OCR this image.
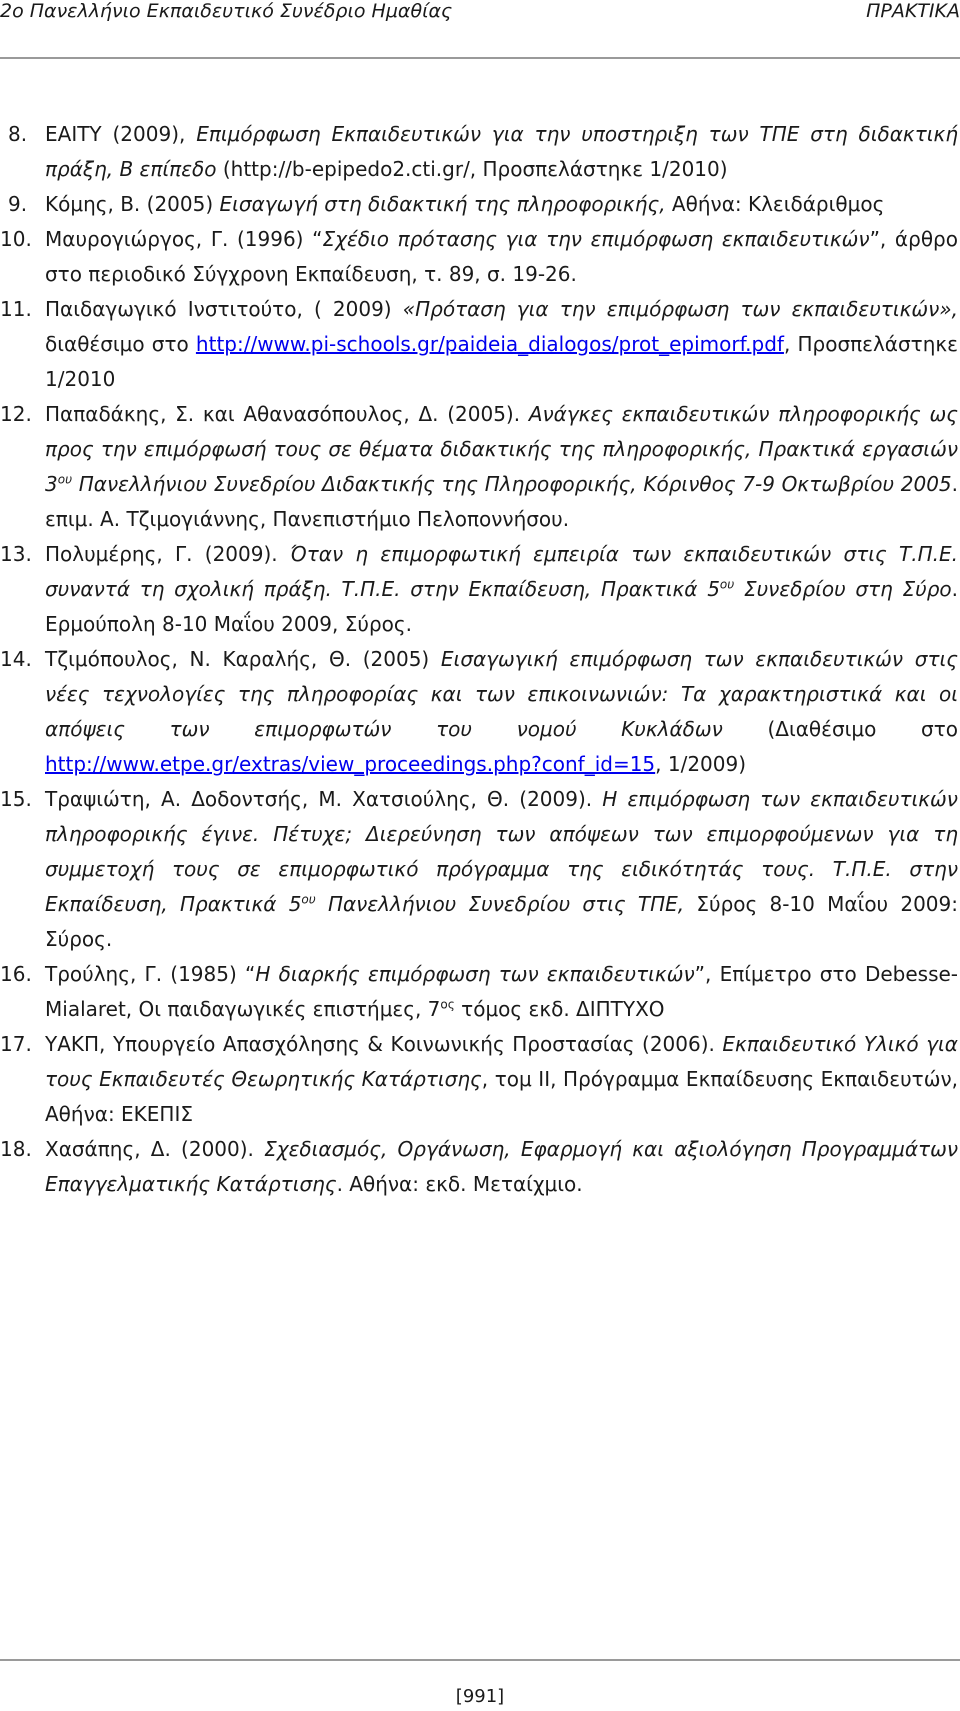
2ο Πανελλήνιο Εκπαιδευτικό Συνέδριο Ημαθίας	ΠΡΑΚΤΙΚΑ
8. ΕΑΙΤΥ (2009), Επιμόρφωση Εκπαιδευτικών για την υποστηριξη των ΤΠΕ στη διδακτική πράξη, Β επίπεδο (http://b-epipedo2.cti.gr/, Προσπελάστηκε 1/2010)
9. Κόμης, Β. (2005) Εισαγωγή στη διδακτική της πληροφορικής, Αθήνα: Κλειδάριθμος
10. Μαυρογιώργος, Γ. (1996) “Σχέδιο πρότασης για την επιμόρφωση εκπαιδευτικών”, άρθρο στο περιοδικό Σύγχρονη Εκπαίδευση, τ. 89, σ. 19-26.
11. Παιδαγωγικό Ινστιτούτο, ( 2009) «Πρόταση για την επιμόρφωση των εκπαιδευτικών», διαθέσιμο στο http://www.pi-schools.gr/paideia_dialogos/prot_epimorf.pdf, Προσπελάστηκε 1/2010
12. Παπαδάκης, Σ. και Αθανασόπουλος, Δ. (2005). Ανάγκες εκπαιδευτικών πληροφορικής ως προς την επιμόρφωσή τους σε θέματα διδακτικής της πληροφορικής, Πρακτικά εργασιών $3^{o\upsilon}$ Πανελλήνιου Συνεδρίου Διδακτικής της Πληροφορικής, Κόρινθος 7-9 Οκτωβρίου 2005. επιμ. Α. Τζιμογιάννης, Πανεπιστήμιο Πελοποννήσου.
13. Πολυμέρης, Γ. (2009). Όταν η επιμορφωτική εμπειρία των εκπαιδευτικών στις Τ.Π.Ε. συναντά τη σχολική πράξη. Τ.Π.Ε. στην Εκπαίδευση, Πρακτικά $5^{o\upsilon}$ Συνεδρίου στη Σύρο. Ερμούπολη 8-10 Μαΐου 2009, Σύρος.
14. Τζιμόπουλος, Ν. Καραλής, Θ. (2005) Εισαγωγική επιμόρφωση των εκπαιδευτικών στις νέες τεχνολογίες της πληροφορίας και των επικοινωνιών: Τα χαρακτηριστικά και οι απόψεις των επιμορφωτών του νομού Κυκλάδων (Διαθέσιμο στο http://www.etpe.gr/extras/view_proceedings.php?conf_id=15, 1/2009)
15. Τραψιώτη, Α. Δοδοντσής, Μ. Χατσιούλης, Θ. (2009). Η επιμόρφωση των εκπαιδευτικών πληροφορικής έγινε. Πέτυχε; Διερεύνηση των απόψεων των επιμορφούμενων για τη συμμετοχή τους σε επιμορφωτικό πρόγραμμα της ειδικότητάς τους. Τ.Π.Ε. στην Εκπαίδευση, Πρακτικά $5^{o\upsilon}$ Πανελλήνιου Συνεδρίου στις ΤΠΕ, Σύρος 8-10 Μαΐου 2009: Σύρος.
16. Τρούλης, Γ. (1985) “Η διαρκής επιμόρφωση των εκπαιδευτικών”, Επίμετρο στο Debesse-Mialaret, Οι παιδαγωγικές επιστήμες, $7^{o\varsigma}$ τόμος εκδ. ΔΙΠΤΥΧΟ
17. ΥΑΚΠ, Υπουργείο Απασχόλησης & Κοινωνικής Προστασίας (2006). Εκπαιδευτικό Υλικό για τους Εκπαιδευτές Θεωρητικής Κατάρτισης, τομ ΙΙ, Πρόγραμμα Εκπαίδευσης Εκπαιδευτών, Αθήνα: ΕΚΕΠΙΣ
18. Χασάπης, Δ. (2000). Σχεδιασμός, Οργάνωση, Εφαρμογή και αξιολόγηση Προγραμμάτων Επαγγελματικής Κατάρτισης. Αθήνα: εκδ. Μεταίχμιο.
[991]
